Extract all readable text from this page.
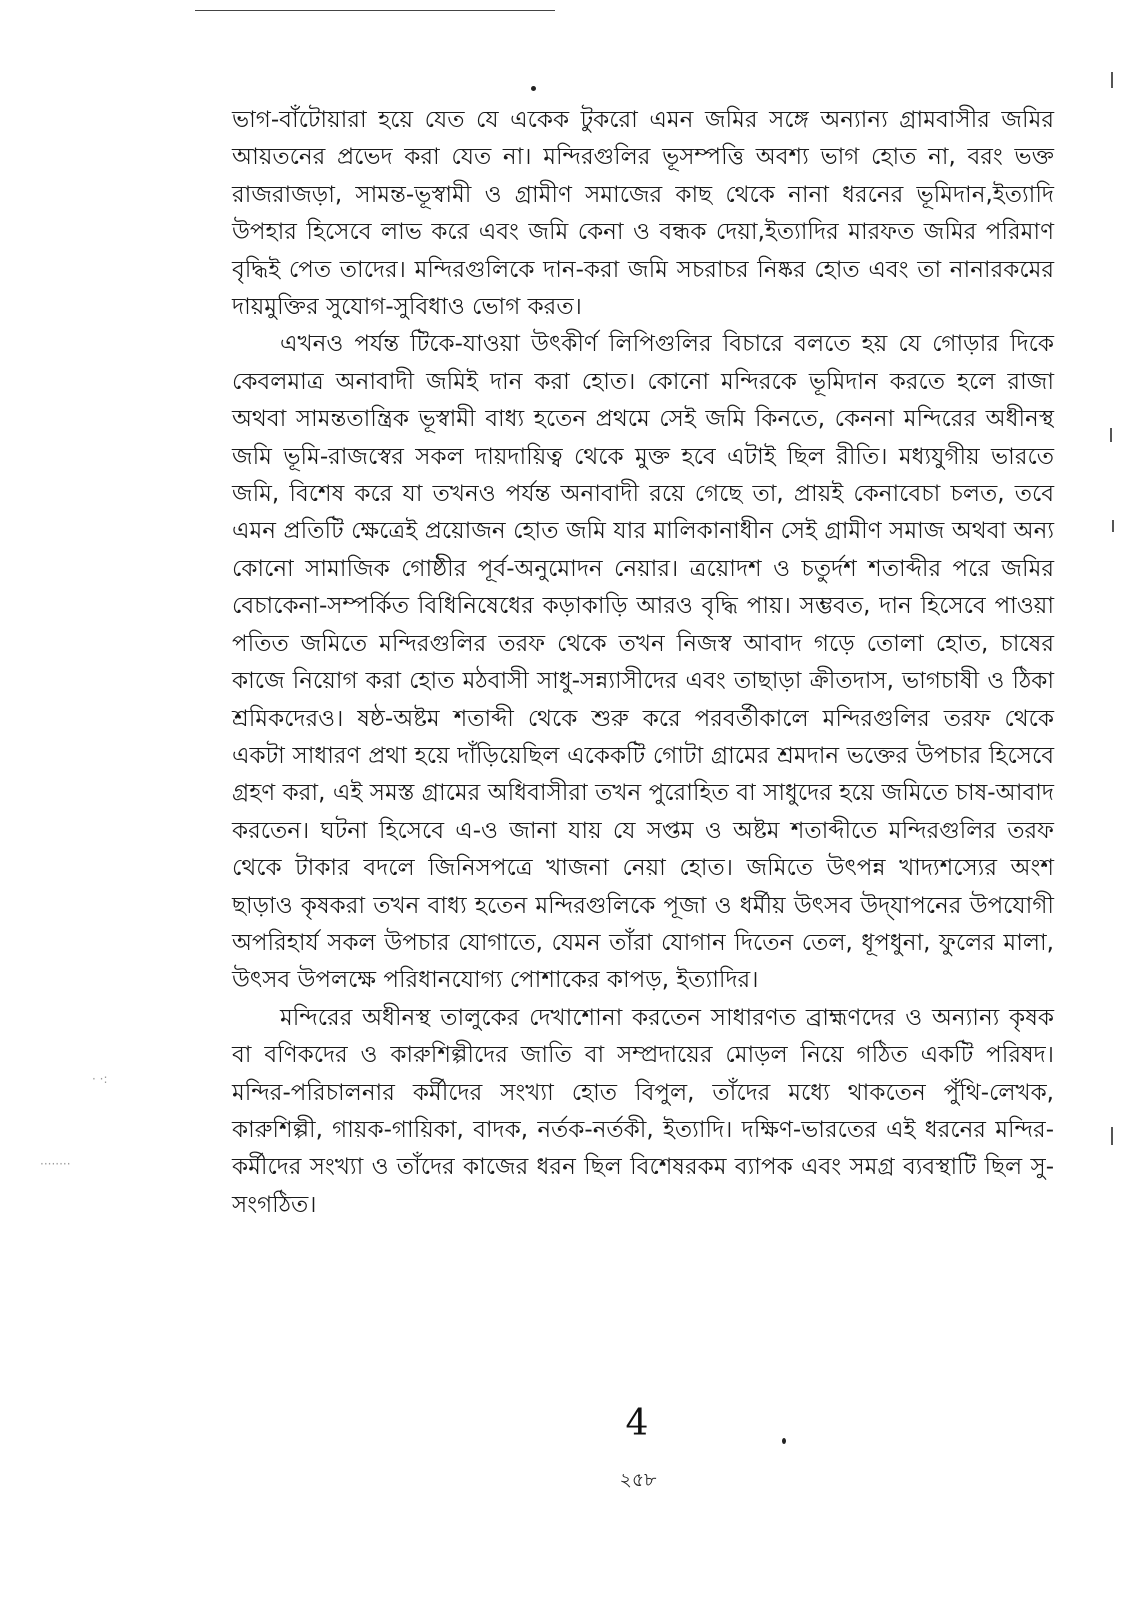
· ·:
········

ভাগ-বাঁটোয়ারা হয়ে যেত যে একেক টুকরো এমন জমির সঙ্গে অন্যান্য গ্রামবাসীর জমির আয়তনের প্রভেদ করা যেত না। মন্দিরগুলির ভূসম্পত্তি অবশ্য ভাগ হোত না, বরং ভক্ত রাজরাজড়া, সামন্ত-ভূস্বামী ও গ্রামীণ সমাজের কাছ থেকে নানা ধরনের ভূমিদান,ইত্যাদি উপহার হিসেবে লাভ করে এবং জমি কেনা ও বন্ধক দেয়া,ইত্যাদির মারফত জমির পরিমাণ বৃদ্ধিই পেত তাদের। মন্দিরগুলিকে দান-করা জমি সচরাচর নিষ্কর হোত এবং তা নানারকমের দায়মুক্তির সুযোগ-সুবিধাও ভোগ করত।

এখনও পর্যন্ত টিকে-যাওয়া উৎকীর্ণ লিপিগুলির বিচারে বলতে হয় যে গোড়ার দিকে কেবলমাত্র অনাবাদী জমিই দান করা হোত। কোনো মন্দিরকে ভূমিদান করতে হলে রাজা অথবা সামন্ততান্ত্রিক ভূস্বামী বাধ্য হতেন প্রথমে সেই জমি কিনতে, কেননা মন্দিরের অধীনস্থ জমি ভূমি-রাজস্বের সকল দায়দায়িত্ব থেকে মুক্ত হবে এটাই ছিল রীতি। মধ্যযুগীয় ভারতে জমি, বিশেষ করে যা তখনও পর্যন্ত অনাবাদী রয়ে গেছে তা, প্রায়ই কেনাবেচা চলত, তবে এমন প্রতিটি ক্ষেত্রেই প্রয়োজন হোত জমি যার মালিকানাধীন সেই গ্রামীণ সমাজ অথবা অন্য কোনো সামাজিক গোষ্ঠীর পূর্ব-অনুমোদন নেয়ার। ত্রয়োদশ ও চতুর্দশ শতাব্দীর পরে জমির বেচাকেনা-সম্পর্কিত বিধিনিষেধের কড়াকাড়ি আরও বৃদ্ধি পায়। সম্ভবত, দান হিসেবে পাওয়া পতিত জমিতে মন্দিরগুলির তরফ থেকে তখন নিজস্ব আবাদ গড়ে তোলা হোত, চাষের কাজে নিয়োগ করা হোত মঠবাসী সাধু-সন্ন্যাসীদের এবং তাছাড়া ক্রীতদাস, ভাগচাষী ও ঠিকা শ্রমিকদেরও। ষষ্ঠ-অষ্টম শতাব্দী থেকে শুরু করে পরবর্তীকালে মন্দিরগুলির তরফ থেকে একটা সাধারণ প্রথা হয়ে দাঁড়িয়েছিল একেকটি গোটা গ্রামের শ্রমদান ভক্তের উপচার হিসেবে গ্রহণ করা, এই সমস্ত গ্রামের অধিবাসীরা তখন পুরোহিত বা সাধুদের হয়ে জমিতে চাষ-আবাদ করতেন। ঘটনা হিসেবে এ-ও জানা যায় যে সপ্তম ও অষ্টম শতাব্দীতে মন্দিরগুলির তরফ থেকে টাকার বদলে জিনিসপত্রে খাজনা নেয়া হোত। জমিতে উৎপন্ন খাদ্যশস্যের অংশ ছাড়াও কৃষকরা তখন বাধ্য হতেন মন্দিরগুলিকে পূজা ও ধর্মীয় উৎসব উদ্‌যাপনের উপযোগী অপরিহার্য সকল উপচার যোগাতে, যেমন তাঁরা যোগান দিতেন তেল, ধূপধুনা, ফুলের মালা, উৎসব উপলক্ষে পরিধানযোগ্য পোশাকের কাপড়, ইত্যাদির।

মন্দিরের অধীনস্থ তালুকের দেখাশোনা করতেন সাধারণত ব্রাহ্মণদের ও অন্যান্য কৃষক বা বণিকদের ও কারুশিল্পীদের জাতি বা সম্প্রদায়ের মোড়ল নিয়ে গঠিত একটি পরিষদ। মন্দির-পরিচালনার কর্মীদের সংখ্যা হোত বিপুল, তাঁদের মধ্যে থাকতেন পুঁথি-লেখক, কারুশিল্পী, গায়ক-গায়িকা, বাদক, নর্তক-নর্তকী, ইত্যাদি। দক্ষিণ-ভারতের এই ধরনের মন্দির-কর্মীদের সংখ্যা ও তাঁদের কাজের ধরন ছিল বিশেষরকম ব্যাপক এবং সমগ্র ব্যবস্থাটি ছিল সু-সংগঠিত।

4
২৫৮
